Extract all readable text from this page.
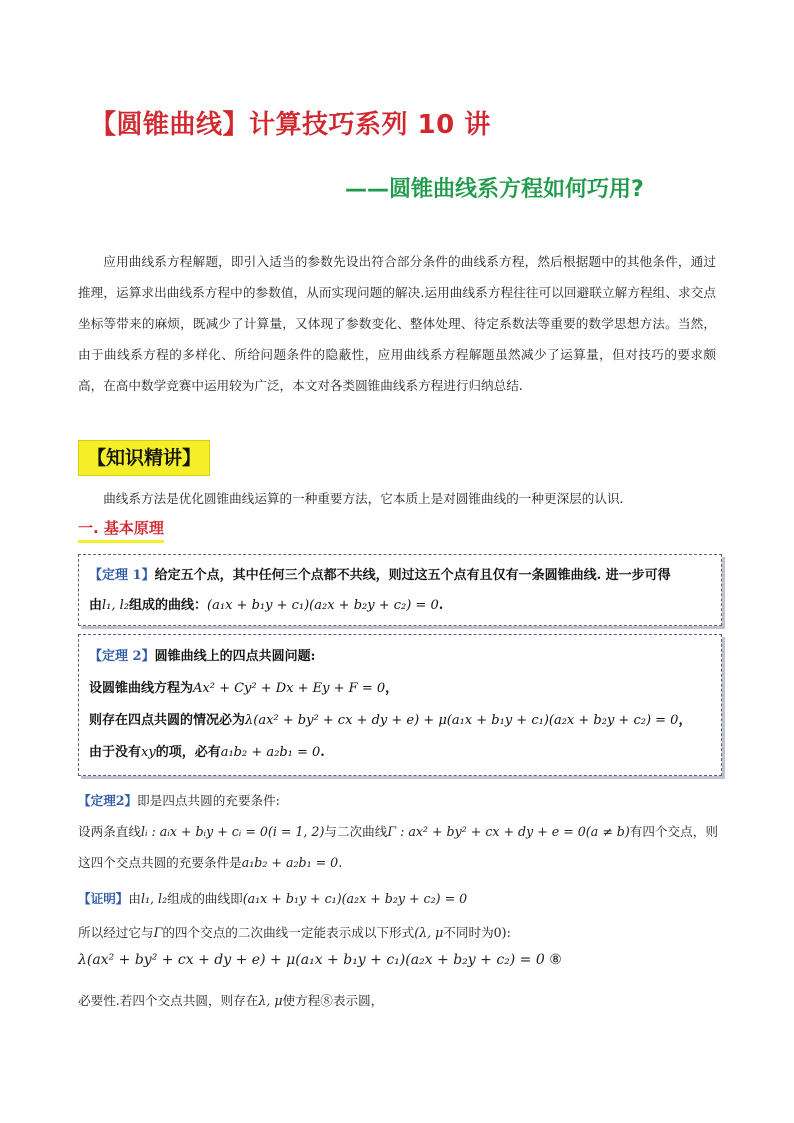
【圆锥曲线】计算技巧系列 10 讲
——圆锥曲线系方程如何巧用?
应用曲线系方程解题，即引入适当的参数先设出符合部分条件的曲线系方程，然后根据题中的其他条件，通过推理，运算求出曲线系方程中的参数值，从而实现问题的解决.运用曲线系方程往往可以回避联立解方程组、求交点坐标等带来的麻烦，既减少了计算量，又体现了参数变化、整体处理、待定系数法等重要的数学思想方法。当然，由于曲线系方程的多样化、所给问题条件的隐蔽性，应用曲线系方程解题虽然减少了运算量，但对技巧的要求颇高，在高中数学竞赛中运用较为广泛，本文对各类圆锥曲线系方程进行归纳总结.
【知识精讲】
曲线系方法是优化圆锥曲线运算的一种重要方法，它本质上是对圆锥曲线的一种更深层的认识.
一. 基本原理
【定理 1】给定五个点，其中任何三个点都不共线，则过这五个点有且仅有一条圆锥曲线. 进一步可得
由l₁, l₂组成的曲线：(a₁x + b₁y + c₁)(a₂x + b₂y + c₂) = 0.
【定理 2】圆锥曲线上的四点共圆问题:
设圆锥曲线方程为Ax² + Cy² + Dx + Ey + F = 0，
则存在四点共圆的情况必为λ(ax² + by² + cx + dy + e) + μ(a₁x + b₁y + c₁)(a₂x + b₂y + c₂) = 0，
由于没有xy的项，必有a₁b₂ + a₂b₁ = 0.
【定理2】即是四点共圆的充要条件:
设两条直线lᵢ : aᵢx + bᵢy + cᵢ = 0(i = 1, 2)与二次曲线Γ : ax² + by² + cx + dy + e = 0(a ≠ b)有四个交点，则
这四个交点共圆的充要条件是a₁b₂ + a₂b₁ = 0.
【证明】由l₁, l₂组成的曲线即(a₁x + b₁y + c₁)(a₂x + b₂y + c₂) = 0
所以经过它与Γ的四个交点的二次曲线一定能表示成以下形式(λ, μ不同时为0):
λ(ax² + by² + cx + dy + e) + μ(a₁x + b₁y + c₁)(a₂x + b₂y + c₂) = 0 ⑧
必要性.若四个交点共圆，则存在λ, μ使方程⑧表示圆，
